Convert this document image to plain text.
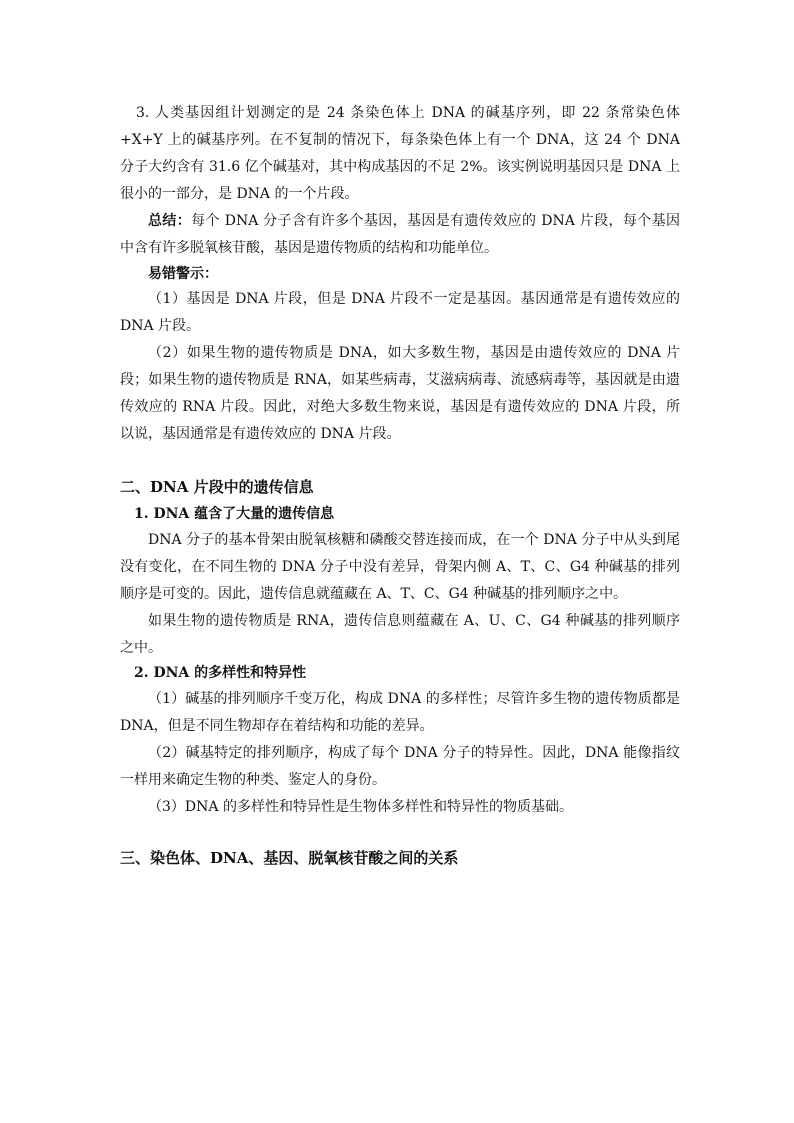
3. 人类基因组计划测定的是 24 条染色体上 DNA 的碱基序列，即 22 条常染色体+X+Y 上的碱基序列。在不复制的情况下，每条染色体上有一个 DNA，这 24 个 DNA 分子大约含有 31.6 亿个碱基对，其中构成基因的不足 2%。该实例说明基因只是 DNA 上很小的一部分，是 DNA 的一个片段。

总结：每个 DNA 分子含有许多个基因，基因是有遗传效应的 DNA 片段，每个基因中含有许多脱氧核苷酸，基因是遗传物质的结构和功能单位。

易错警示：

（1）基因是 DNA 片段，但是 DNA 片段不一定是基因。基因通常是有遗传效应的 DNA 片段。

（2）如果生物的遗传物质是 DNA，如大多数生物，基因是由遗传效应的 DNA 片段；如果生物的遗传物质是 RNA，如某些病毒，艾滋病病毒、流感病毒等，基因就是由遗传效应的 RNA 片段。因此，对绝大多数生物来说，基因是有遗传效应的 DNA 片段，所以说，基因通常是有遗传效应的 DNA 片段。

二、DNA 片段中的遗传信息

1. DNA 蕴含了大量的遗传信息

DNA 分子的基本骨架由脱氧核糖和磷酸交替连接而成，在一个 DNA 分子中从头到尾没有变化，在不同生物的 DNA 分子中没有差异，骨架内侧 A、T、C、G4 种碱基的排列顺序是可变的。因此，遗传信息就蕴藏在 A、T、C、G4 种碱基的排列顺序之中。

如果生物的遗传物质是 RNA，遗传信息则蕴藏在 A、U、C、G4 种碱基的排列顺序之中。

2. DNA 的多样性和特异性

（1）碱基的排列顺序千变万化，构成 DNA 的多样性；尽管许多生物的遗传物质都是 DNA，但是不同生物却存在着结构和功能的差异。

（2）碱基特定的排列顺序，构成了每个 DNA 分子的特异性。因此，DNA 能像指纹一样用来确定生物的种类、鉴定人的身份。

（3）DNA 的多样性和特异性是生物体多样性和特异性的物质基础。

三、染色体、DNA、基因、脱氧核苷酸之间的关系
